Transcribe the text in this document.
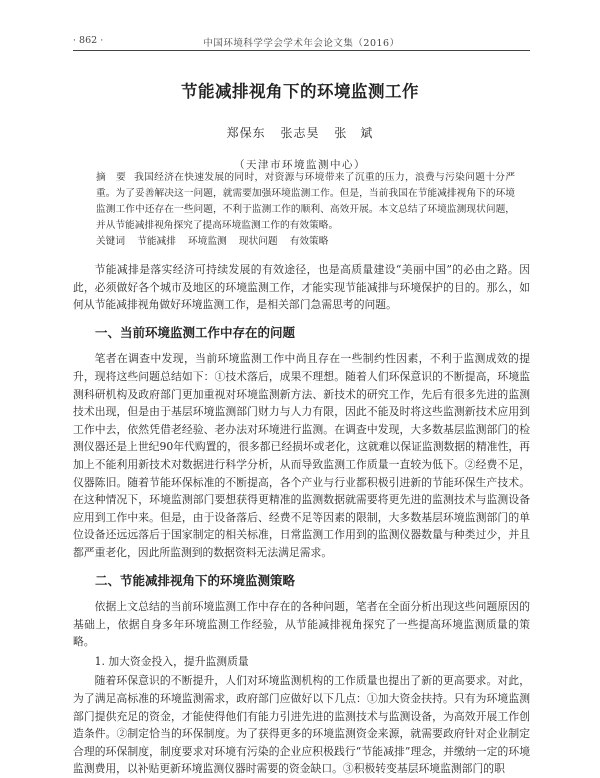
· 862 ·	中国环境科学学会学术年会论文集（2016）
节能减排视角下的环境监测工作
郑保东 张志昊 张　斌
（天津市环境监测中心）
摘　要 我国经济在快速发展的同时，对资源与环境带来了沉重的压力，浪费与污染问题十分严重。为了妥善解决这一问题，就需要加强环境监测工作。但是，当前我国在节能减排视角下的环境监测工作中还存在一些问题，不利于监测工作的顺利、高效开展。本文总结了环境监测现状问题，并从节能减排视角探究了提高环境监测工作的有效策略。
关键词 节能减排 环境监测 现状问题 有效策略

节能减排是落实经济可持续发展的有效途径，也是高质量建设“美丽中国”的必由之路。因此，必须做好各个城市及地区的环境监测工作，才能实现节能减排与环境保护的目的。那么，如何从节能减排视角做好环境监测工作，是相关部门急需思考的问题。

一、当前环境监测工作中存在的问题

笔者在调查中发现，当前环境监测工作中尚且存在一些制约性因素，不利于监测成效的提升，现将这些问题总结如下：①技术落后，成果不理想。随着人们环保意识的不断提高，环境监测科研机构及政府部门更加重视对环境监测新方法、新技术的研究工作，先后有很多先进的监测技术出现，但是由于基层环境监测部门财力与人力有限，因此不能及时将这些监测新技术应用到工作中去，依然凭借老经验、老办法对环境进行监测。在调查中发现，大多数基层监测部门的检测仪器还是上世纪90年代购置的，很多都已经损坏或老化，这就难以保证监测数据的精准性，再加上不能利用新技术对数据进行科学分析，从而导致监测工作质量一直较为低下。②经费不足，仪器陈旧。随着节能环保标准的不断提高，各个产业与行业都积极引进新的节能环保生产技术。在这种情况下，环境监测部门要想获得更精准的监测数据就需要将更先进的监测技术与监测设备应用到工作中来。但是，由于设备落后、经费不足等因素的限制，大多数基层环境监测部门的单位设备还远远落后于国家制定的相关标准，日常监测工作用到的监测仪器数量与种类过少，并且都严重老化，因此所监测到的数据资料无法满足需求。

二、节能减排视角下的环境监测策略

依据上文总结的当前环境监测工作中存在的各种问题，笔者在全面分析出现这些问题原因的基础上，依据自身多年环境监测工作经验，从节能减排视角探究了一些提高环境监测质量的策略。

1. 加大资金投入，提升监测质量

随着环保意识的不断提升，人们对环境监测机构的工作质量也提出了新的更高要求。对此，为了满足高标准的环境监测需求，政府部门应做好以下几点：①加大资金扶持。只有为环境监测部门提供充足的资金，才能使得他们有能力引进先进的监测技术与监测设备，为高效开展工作创造条件。②制定恰当的环保制度。为了获得更多的环境监测资金来源，就需要政府针对企业制定合理的环保制度，制度要求对环境有污染的企业应积极践行“节能减排”理念，并缴纳一定的环境监测费用，以补贴更新环境监测仪器时需要的资金缺口。③积极转变基层环境监测部门的职
